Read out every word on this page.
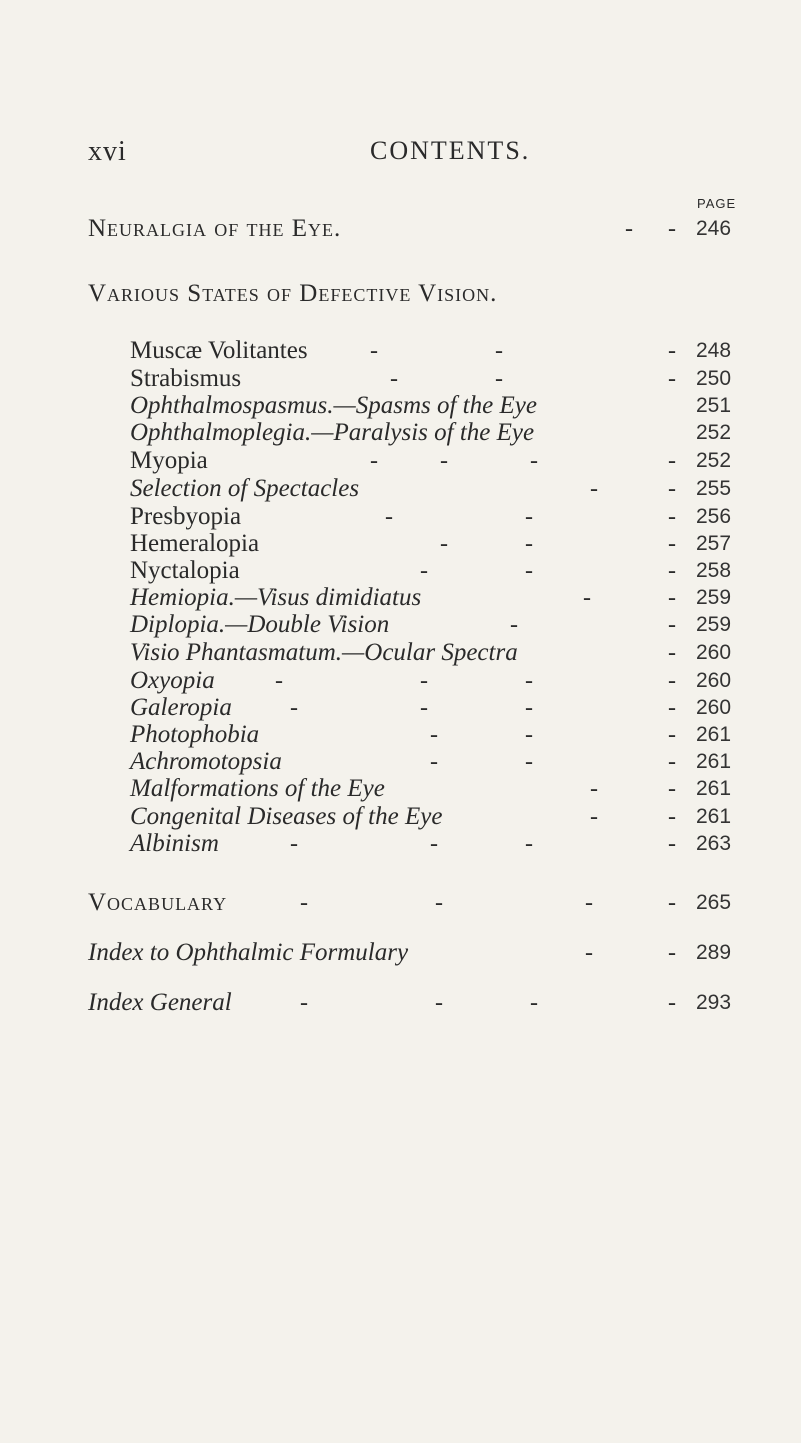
xvi	CONTENTS.
PAGE
Neuralgia of the Eye.	- - 246
Various States of Defective Vision.
Muscæ Volitantes	-	-	- 248
Strabismus	-	-	- 250
Ophthalmospasmus.—Spasms of the Eye	251
Ophthalmoplegia.—Paralysis of the Eye	252
Myopia	-	-	-	- 252
Selection of Spectacles	-	- 255
Presbyopia	-	-	- 256
Hemeralopia	-	-	- 257
Nyctalopia	-	-	- 258
Hemiopia.—Visus dimidiatus	-	- 259
Diplopia.—Double Vision	-	- 259
Visio Phantasmatum.—Ocular Spectra	- 260
Oxyopia	-	-	-	- 260
Galeropia -	-	-	- 260
Photophobia	-	-	- 261
Achromotopsia	-	-	- 261
Malformations of the Eye	-	- 261
Congenital Diseases of the Eye	-	- 261
Albinism	-	-	-	- 263
Vocabulary	-	-	-	- 265
Index to Ophthalmic Formulary	-	- 289
Index General	-	-	-	- 293
